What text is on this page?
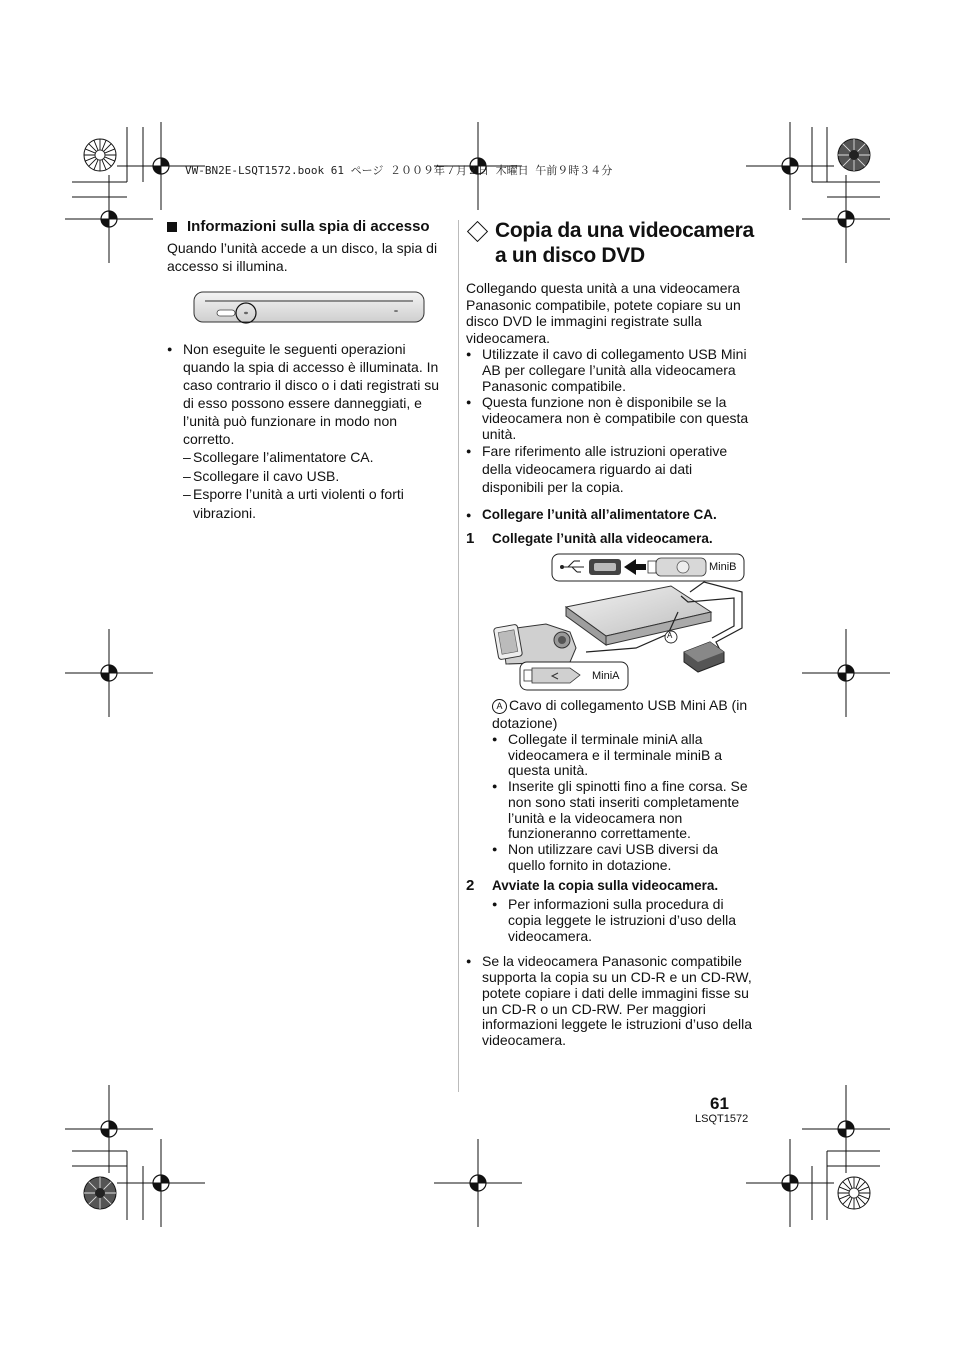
VW-BN2E-LSQT1572.book 61 ページ ２００９年７月２日 木曜日 午前９時３４分
Informazioni sulla spia di accesso

Quando l’unità accede a un disco, la spia di accesso si illumina.

● Non eseguite le seguenti operazioni quando la spia di accesso è illuminata. In caso contrario il disco o i dati registrati su di esso possono essere danneggiati, e l’unità può funzionare in modo non corretto.
– Scollegare l’alimentatore CA.
– Scollegare il cavo USB.
– Esporre l’unità a urti violenti o forti vibrazioni.
Copia da una videocamera a un disco DVD

Collegando questa unità a una videocamera Panasonic compatibile, potete copiare su un disco DVD le immagini registrate sulla videocamera.

● Utilizzate il cavo di collegamento USB Mini AB per collegare l’unità alla videocamera Panasonic compatibile.
● Questa funzione non è disponibile se la videocamera non è compatibile con questa unità.
● Fare riferimento alle istruzioni operative della videocamera riguardo ai dati disponibili per la copia.
● Collegare l’unità all’alimentatore CA.
1	Collegate l’unità alla videocamera.
MiniB
MiniA
A

A Cavo di collegamento USB Mini AB (in dotazione)

● Collegate il terminale miniA alla videocamera e il terminale miniB a questa unità.
● Inserite gli spinotti fino a fine corsa. Se non sono stati inseriti completamente l’unità e la videocamera non funzioneranno correttamente.
● Non utilizzare cavi USB diversi da quello fornito in dotazione.
2	Avviate la copia sulla videocamera.
● Per informazioni sulla procedura di copia leggete le istruzioni d’uso della videocamera.
● Se la videocamera Panasonic compatibile supporta la copia su un CD-R e un CD-RW, potete copiare i dati delle immagini fisse su un CD-R o un CD-RW. Per maggiori informazioni leggete le istruzioni d’uso della videocamera.
61
LSQT1572
